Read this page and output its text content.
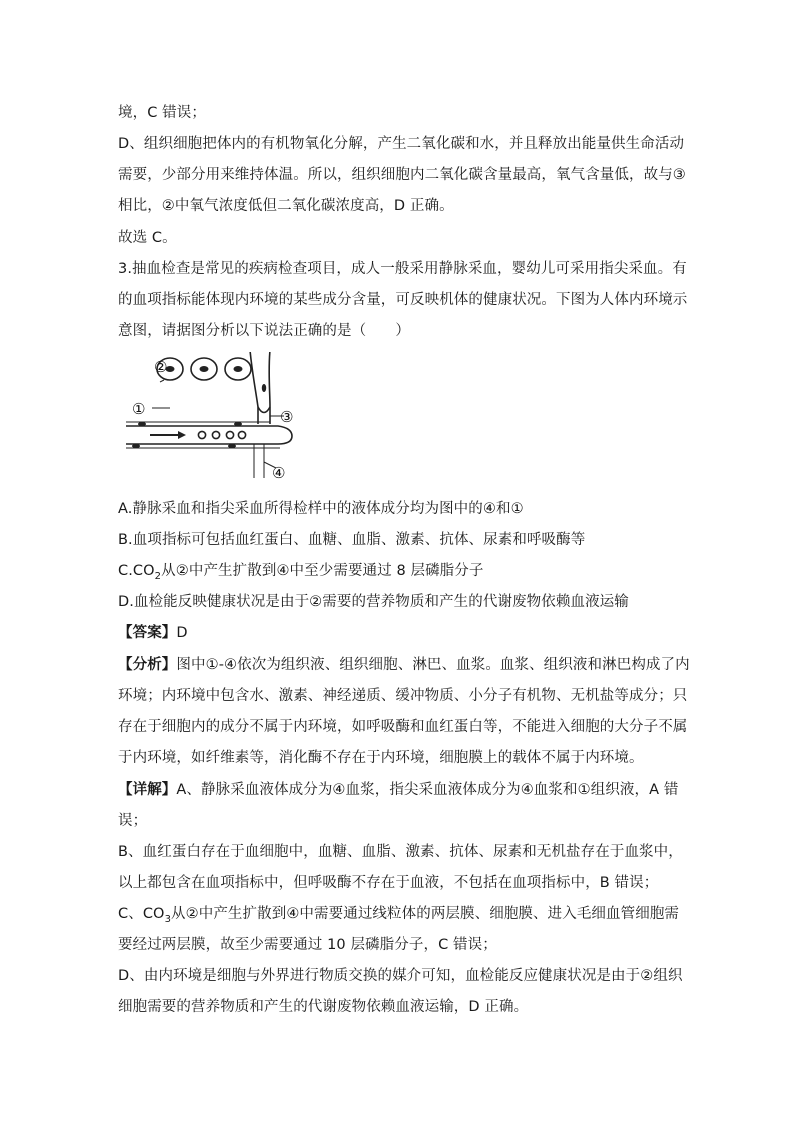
境，C 错误；
D、组织细胞把体内的有机物氧化分解，产生二氧化碳和水，并且释放出能量供生命活动
需要，少部分用来维持体温。所以，组织细胞内二氧化碳含量最高，氧气含量低，故与③
相比，②中氧气浓度低但二氧化碳浓度高，D 正确。
故选 C。
3.抽血检查是常见的疾病检查项目，成人一般采用静脉采血，婴幼儿可采用指尖采血。有
的血项指标能体现内环境的某些成分含量，可反映机体的健康状况。下图为人体内环境示
意图，请据图分析以下说法正确的是（　　）
②
①	③
④
A.静脉采血和指尖采血所得检样中的液体成分均为图中的④和①
B.血项指标可包括血红蛋白、血糖、血脂、激素、抗体、尿素和呼吸酶等
$C.CO_2$从②中产生扩散到④中至少需要通过 8 层磷脂分子
D.血检能反映健康状况是由于②需要的营养物质和产生的代谢废物依赖血液运输
【答案】D
【分析】图中①-④依次为组织液、组织细胞、淋巴、血浆。血浆、组织液和淋巴构成了内
环境；内环境中包含水、激素、神经递质、缓冲物质、小分子有机物、无机盐等成分；只
存在于细胞内的成分不属于内环境，如呼吸酶和血红蛋白等，不能进入细胞的大分子不属
于内环境，如纤维素等，消化酶不存在于内环境，细胞膜上的载体不属于内环境。
【详解】A、静脉采血液体成分为④血浆，指尖采血液体成分为④血浆和①组织液，A 错
误；
B、血红蛋白存在于血细胞中，血糖、血脂、激素、抗体、尿素和无机盐存在于血浆中，
以上都包含在血项指标中，但呼吸酶不存在于血液，不包括在血项指标中，B 错误；
C、$CO_3$从②中产生扩散到④中需要通过线粒体的两层膜、细胞膜、进入毛细血管细胞需
要经过两层膜，故至少需要通过 10 层磷脂分子，C 错误；
D、由内环境是细胞与外界进行物质交换的媒介可知，血检能反应健康状况是由于②组织
细胞需要的营养物质和产生的代谢废物依赖血液运输，D 正确。
